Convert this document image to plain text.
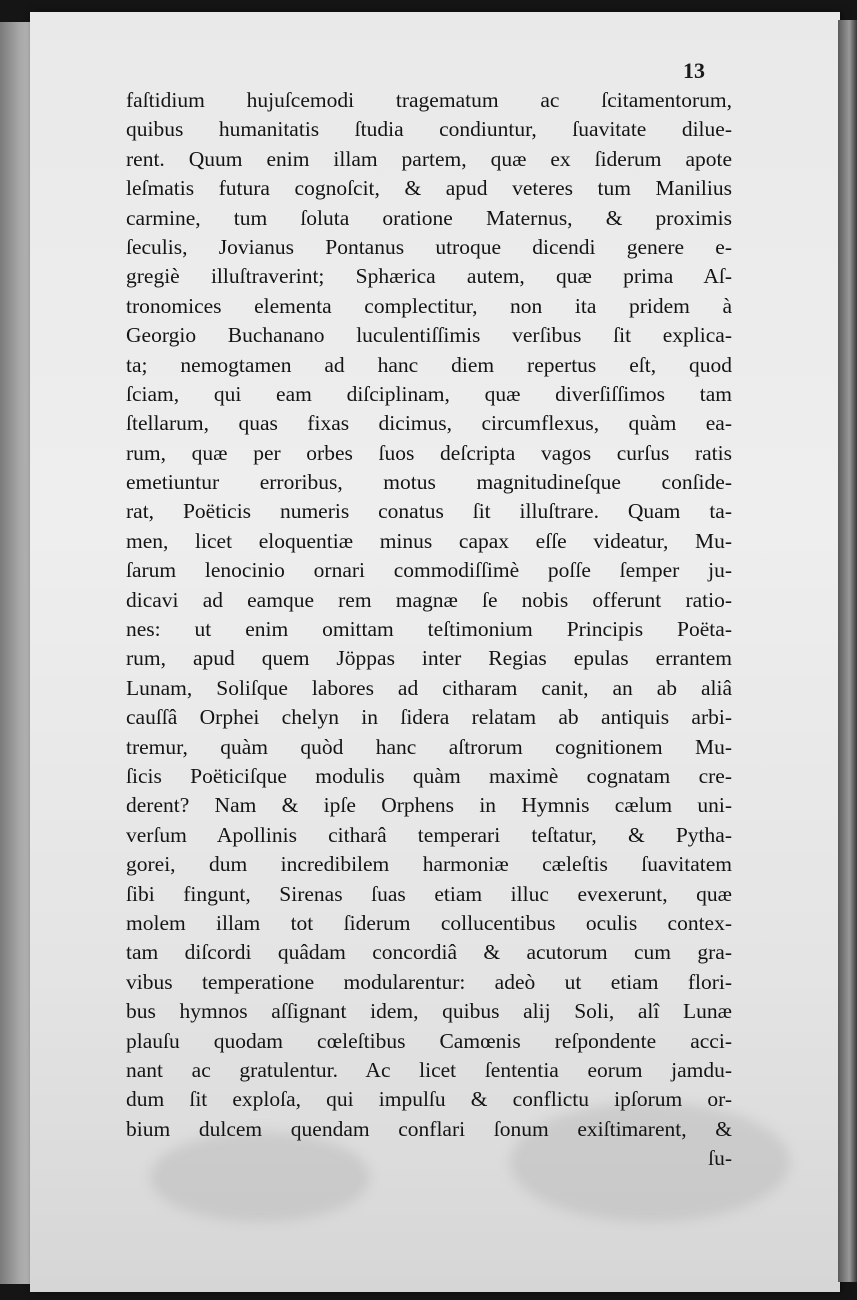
13

faſtidium hujuſcemodi tragematum ac ſcitamentorum,
quibus humanitatis ſtudia condiuntur, ſuavitate dilue-
rent. Quum enim illam partem, quæ ex ſiderum apote
leſmatis futura cognoſcit, & apud veteres tum Manilius
carmine, tum ſoluta oratione Maternus, & proximis
ſeculis, Jovianus Pontanus utroque dicendi genere e-
gregiè illuſtraverint; Sphærica autem, quæ prima Aſ-
tronomices elementa complectitur, non ita pridem à
Georgio Buchanano luculentiſſimis verſibus ſit explica-
ta; nemogtamen ad hanc diem repertus eſt, quod
ſciam, qui eam diſciplinam, quæ diverſiſſimos tam
ſtellarum, quas fixas dicimus, circumflexus, quàm ea-
rum, quæ per orbes ſuos deſcripta vagos curſus ratis
emetiuntur erroribus, motus magnitudineſque conſide-
rat, Poëticis numeris conatus ſit illuſtrare. Quam ta-
men, licet eloquentiæ minus capax eſſe videatur, Mu-
ſarum lenocinio ornari commodiſſimè poſſe ſemper ju-
dicavi ad eamque rem magnæ ſe nobis offerunt ratio-
nes: ut enim omittam teſtimonium Principis Poëta-
rum, apud quem Jöppas inter Regias epulas errantem
Lunam, Soliſque labores ad citharam canit, an ab aliâ
cauſſâ Orphei chelyn in ſidera relatam ab antiquis arbi-
tremur, quàm quòd hanc aſtrorum cognitionem Mu-
ſicis Poëticiſque modulis quàm maximè cognatam cre-
derent? Nam & ipſe Orphens in Hymnis cælum uni-
verſum Apollinis citharâ temperari teſtatur, & Pytha-
gorei, dum incredibilem harmoniæ cæleſtis ſuavitatem
ſibi fingunt, Sirenas ſuas etiam illuc evexerunt, quæ
molem illam tot ſiderum collucentibus oculis contex-
tam diſcordi quâdam concordiâ & acutorum cum gra-
vibus temperatione modularentur: adeò ut etiam flori-
bus hymnos aſſignant idem, quibus alij Soli, alî Lunæ
plauſu quodam cœleſtibus Camœnis reſpondente acci-
nant ac gratulentur. Ac licet ſententia eorum jamdu-
dum ſit exploſa, qui impulſu & conflictu ipſorum or-
bium dulcem quendam conflari ſonum exiſtimarent, &
ſu-
